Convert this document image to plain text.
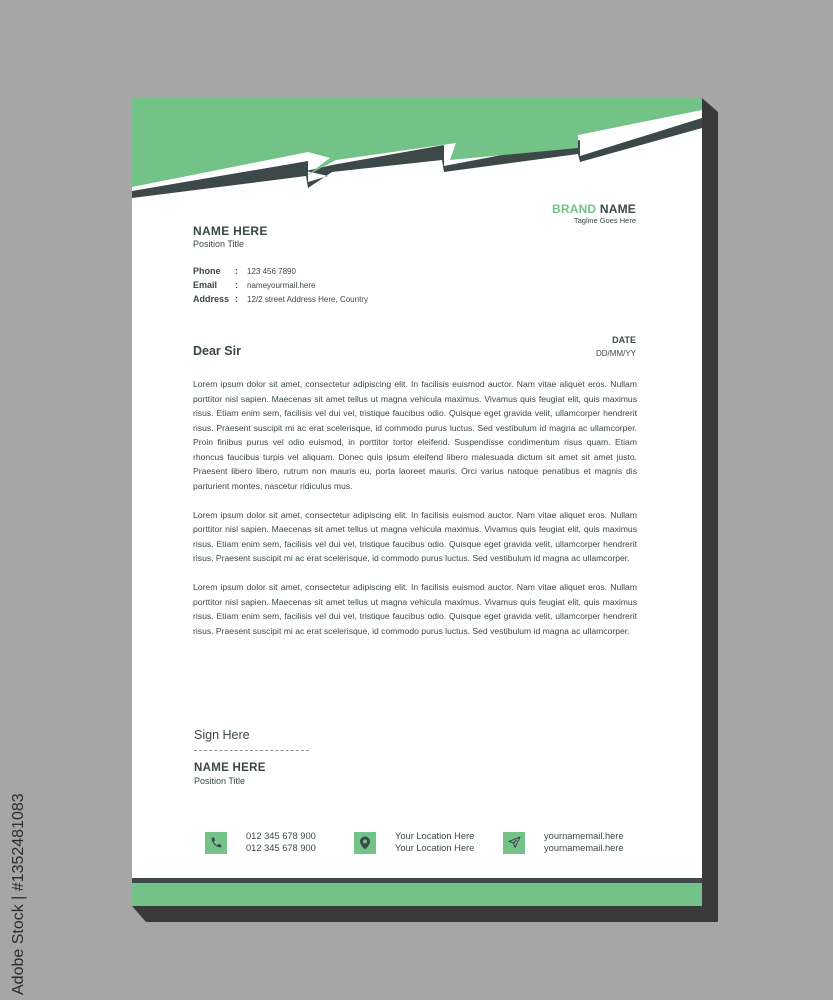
BRAND NAME
Tagline Goes Here
NAME HERE
Position Title
Phone	:	123 456 7890
Email	:	nameyourmail.here
Address :	12/2 street Address Here, Country
DATE
DD/MM/YY
Dear Sir

Lorem ipsum dolor sit amet, consectetur adipiscing elit. In facilisis euismod auctor. Nam vitae aliquet eros. Nullam porttitor nisl sapien. Maecenas sit amet tellus ut magna vehicula maximus. Vivamus quis feugiat elit, quis maximus risus. Etiam enim sem, facilisis vel dui vel, tristique faucibus odio. Quisque eget gravida velit, ullamcorper hendrerit risus. Praesent suscipit mi ac erat scelerisque, id commodo purus luctus. Sed vestibulum id magna ac ullamcorper. Proin finibus purus vel odio euismod, in porttitor tortor eleifend. Suspendisse condimentum risus quam. Etiam rhoncus faucibus turpis vel aliquam. Donec quis ipsum eleifend libero malesuada dictum sit amet sit amet justo. Praesent libero libero, rutrum non mauris eu, porta laoreet mauris. Orci varius natoque penatibus et magnis dis parturient montes, nascetur ridiculus mus.

Lorem ipsum dolor sit amet, consectetur adipiscing elit. In facilisis euismod auctor. Nam vitae aliquet eros. Nullam porttitor nisl sapien. Maecenas sit amet tellus ut magna vehicula maximus. Vivamus quis feugiat elit, quis maximus risus. Etiam enim sem, facilisis vel dui vel, tristique faucibus odio. Quisque eget gravida velit, ullamcorper hendrerit risus. Praesent suscipit mi ac erat scelerisque, id commodo purus luctus. Sed vestibulum id magna ac ullamcorper.

Lorem ipsum dolor sit amet, consectetur adipiscing elit. In facilisis euismod auctor. Nam vitae aliquet eros. Nullam porttitor nisl sapien. Maecenas sit amet tellus ut magna vehicula maximus. Vivamus quis feugiat elit, quis maximus risus. Etiam enim sem, facilisis vel dui vel, tristique faucibus odio. Quisque eget gravida velit, ullamcorper hendrerit risus. Praesent suscipit mi ac erat scelerisque, id commodo purus luctus. Sed vestibulum id magna ac ullamcorper.

Sign Here
NAME HERE
Position Title
012 345 678 900
012 345 678 900
Your Location Here
Your Location Here
yournamemail.here
yournamemail.here
Adobe Stock | #1352481083
